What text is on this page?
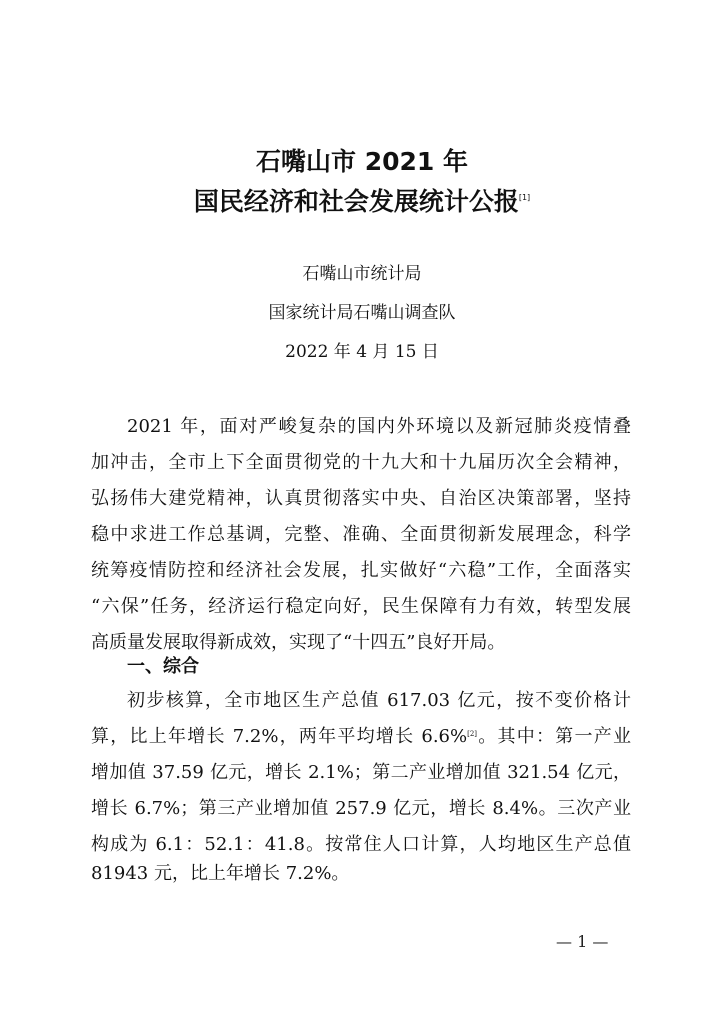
石嘴山市 2021 年
国民经济和社会发展统计公报[1]
石嘴山市统计局
国家统计局石嘴山调查队
2022 年 4 月 15 日
2021 年，面对严峻复杂的国内外环境以及新冠肺炎疫情叠
加冲击，全市上下全面贯彻党的十九大和十九届历次全会精神，
弘扬伟大建党精神，认真贯彻落实中央、自治区决策部署，坚持
稳中求进工作总基调，完整、准确、全面贯彻新发展理念，科学
统筹疫情防控和经济社会发展，扎实做好“六稳”工作，全面落实
“六保”任务，经济运行稳定向好，民生保障有力有效，转型发展
高质量发展取得新成效，实现了“十四五”良好开局。
一、综合
初步核算，全市地区生产总值 617.03 亿元，按不变价格计
算，比上年增长 7.2%，两年平均增长 6.6%[2]。其中：第一产业
增加值 37.59 亿元，增长 2.1%；第二产业增加值 321.54 亿元，
增长 6.7%；第三产业增加值 257.9 亿元，增长 8.4%。三次产业
构成为 6.1：52.1：41.8。按常住人口计算，人均地区生产总值
81943 元，比上年增长 7.2%。
— 1 —
